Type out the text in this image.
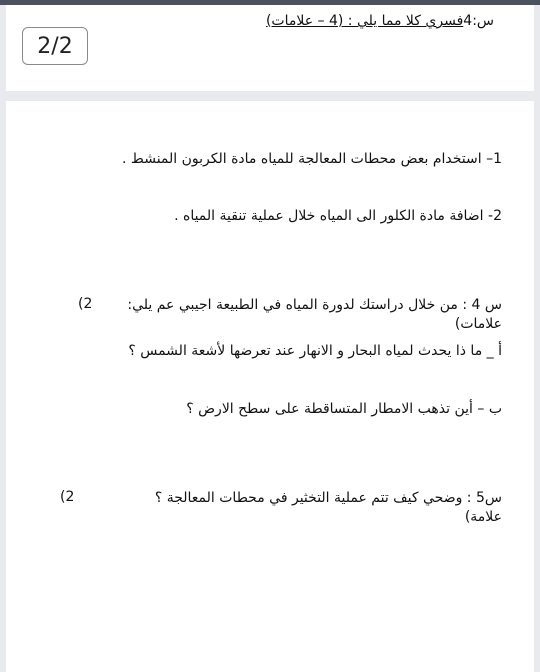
2/2
س:4فسري كلا مما يلي : (4 – علامات)
1– استخدام بعض محطات المعالجة للمياه مادة الكربون المنشط .
2- اضافة مادة الكلور الى المياه خلال عملية تنقية المياه .
س 4 : من خلال دراستك لدورة المياه في الطبيعة اجيبي عم يلي:
(2
علامات)
أ _ ما ذا يحدث لمياه البحار و الانهار عند تعرضها لأشعة الشمس ؟
ب – أين تذهب الامطار المتساقطة على سطح الارض ؟
س5 : وضحي كيف تتم عملية التخثير في محطات المعالجة ؟
(2
علامة)
